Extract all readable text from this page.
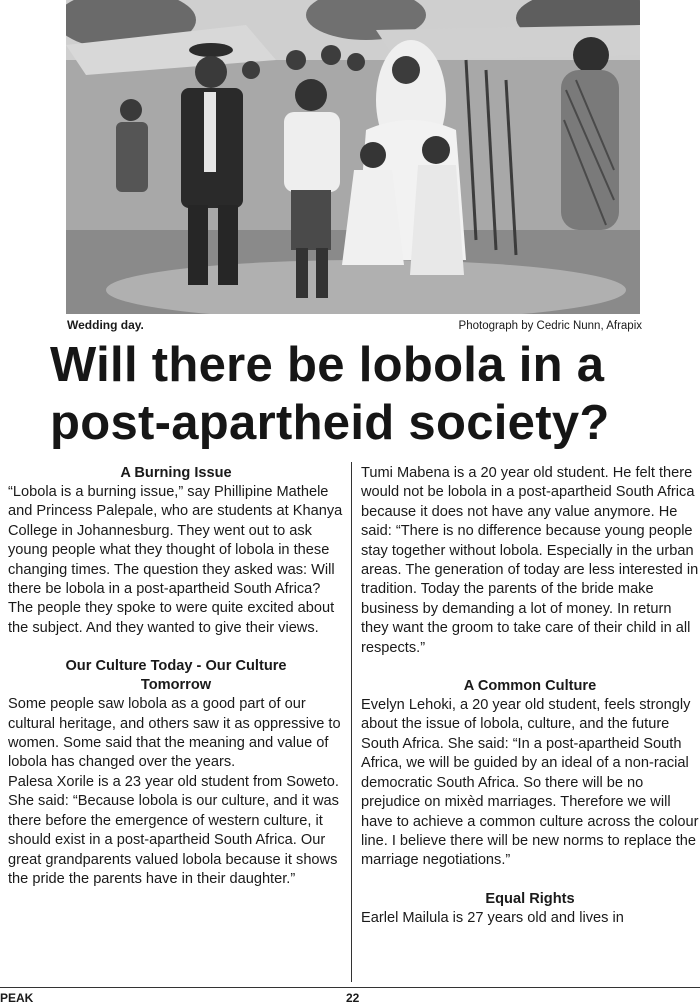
Wedding day.	Photograph by Cedric Nunn, Afrapix
Will there be lobola in a
post-apartheid society?
A Burning Issue

“Lobola is a burning issue,” say Phillipine Mathele and Princess Palepale, who are students at Khanya College in Johannesburg. They went out to ask young people what they thought of lobola in these changing times. The question they asked was: Will there be lobola in a post-apartheid South Africa? The people they spoke to were quite excited about the subject. And they wanted to give their views.

Our Culture Today - Our Culture
Tomorrow

Some people saw lobola as a good part of our cultural heritage, and others saw it as oppressive to women. Some said that the meaning and value of lobola has changed over the years.

Palesa Xorile is a 23 year old student from Soweto. She said: “Because lobola is our culture, and it was there before the emergence of western culture, it should exist in a post-apartheid South Africa. Our great grandparents valued lobola because it shows the pride the parents have in their daughter.”

Tumi Mabena is a 20 year old student. He felt there would not be lobola in a post-apartheid South Africa because it does not have any value anymore. He said: “There is no difference because young people stay together without lobola. Especially in the urban areas. The generation of today are less interested in tradition. Today the parents of the bride make business by demanding a lot of money. In return they want the groom to take care of their child in all respects.”

A Common Culture

Evelyn Lehoki, a 20 year old student, feels strongly about the issue of lobola, culture, and the future South Africa. She said: “In a post-apartheid South Africa, we will be guided by an ideal of a non-racial democratic South Africa. So there will be no prejudice on mixèd marriages. Therefore we will have to achieve a common culture across the colour line. I believe there will be new norms to replace the marriage negotiations.”

Equal Rights

Earlel Mailula is 27 years old and lives in

PEAK	22
